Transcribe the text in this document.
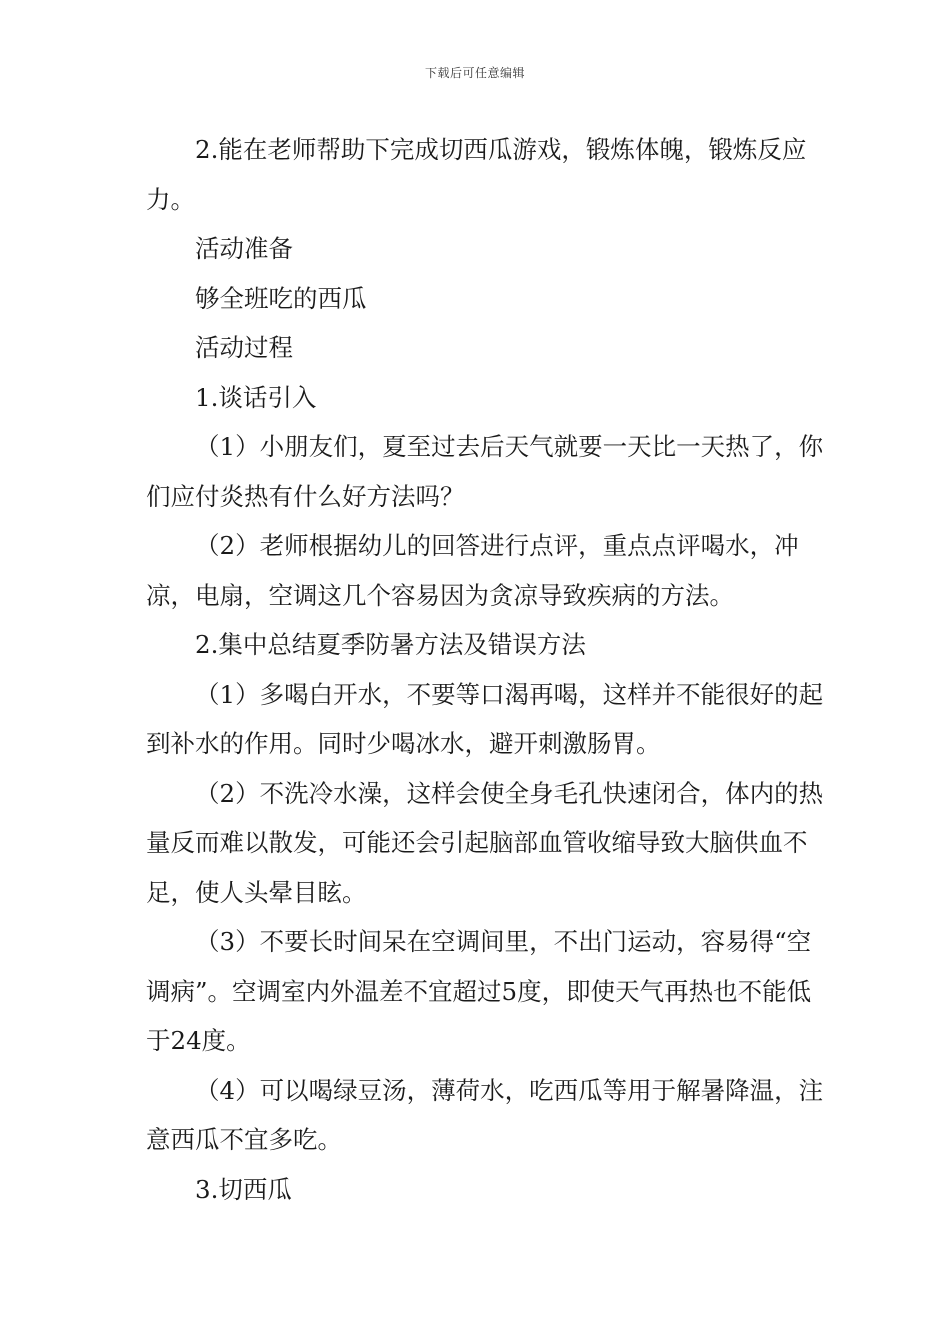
下载后可任意编辑

2.能在老师帮助下完成切西瓜游戏，锻炼体魄，锻炼反应力。

活动准备

够全班吃的西瓜

活动过程

1.谈话引入

（1）小朋友们，夏至过去后天气就要一天比一天热了，你们应付炎热有什么好方法吗？

（2）老师根据幼儿的回答进行点评，重点点评喝水，冲凉，电扇，空调这几个容易因为贪凉导致疾病的方法。

2.集中总结夏季防暑方法及错误方法

（1）多喝白开水，不要等口渴再喝，这样并不能很好的起到补水的作用。同时少喝冰水，避开刺激肠胃。

（2）不洗冷水澡，这样会使全身毛孔快速闭合，体内的热量反而难以散发，可能还会引起脑部血管收缩导致大脑供血不足，使人头晕目眩。

（3）不要长时间呆在空调间里，不出门运动，容易得“空调病”。空调室内外温差不宜超过5度，即使天气再热也不能低于24度。

（4）可以喝绿豆汤，薄荷水，吃西瓜等用于解暑降温，注意西瓜不宜多吃。

3.切西瓜
